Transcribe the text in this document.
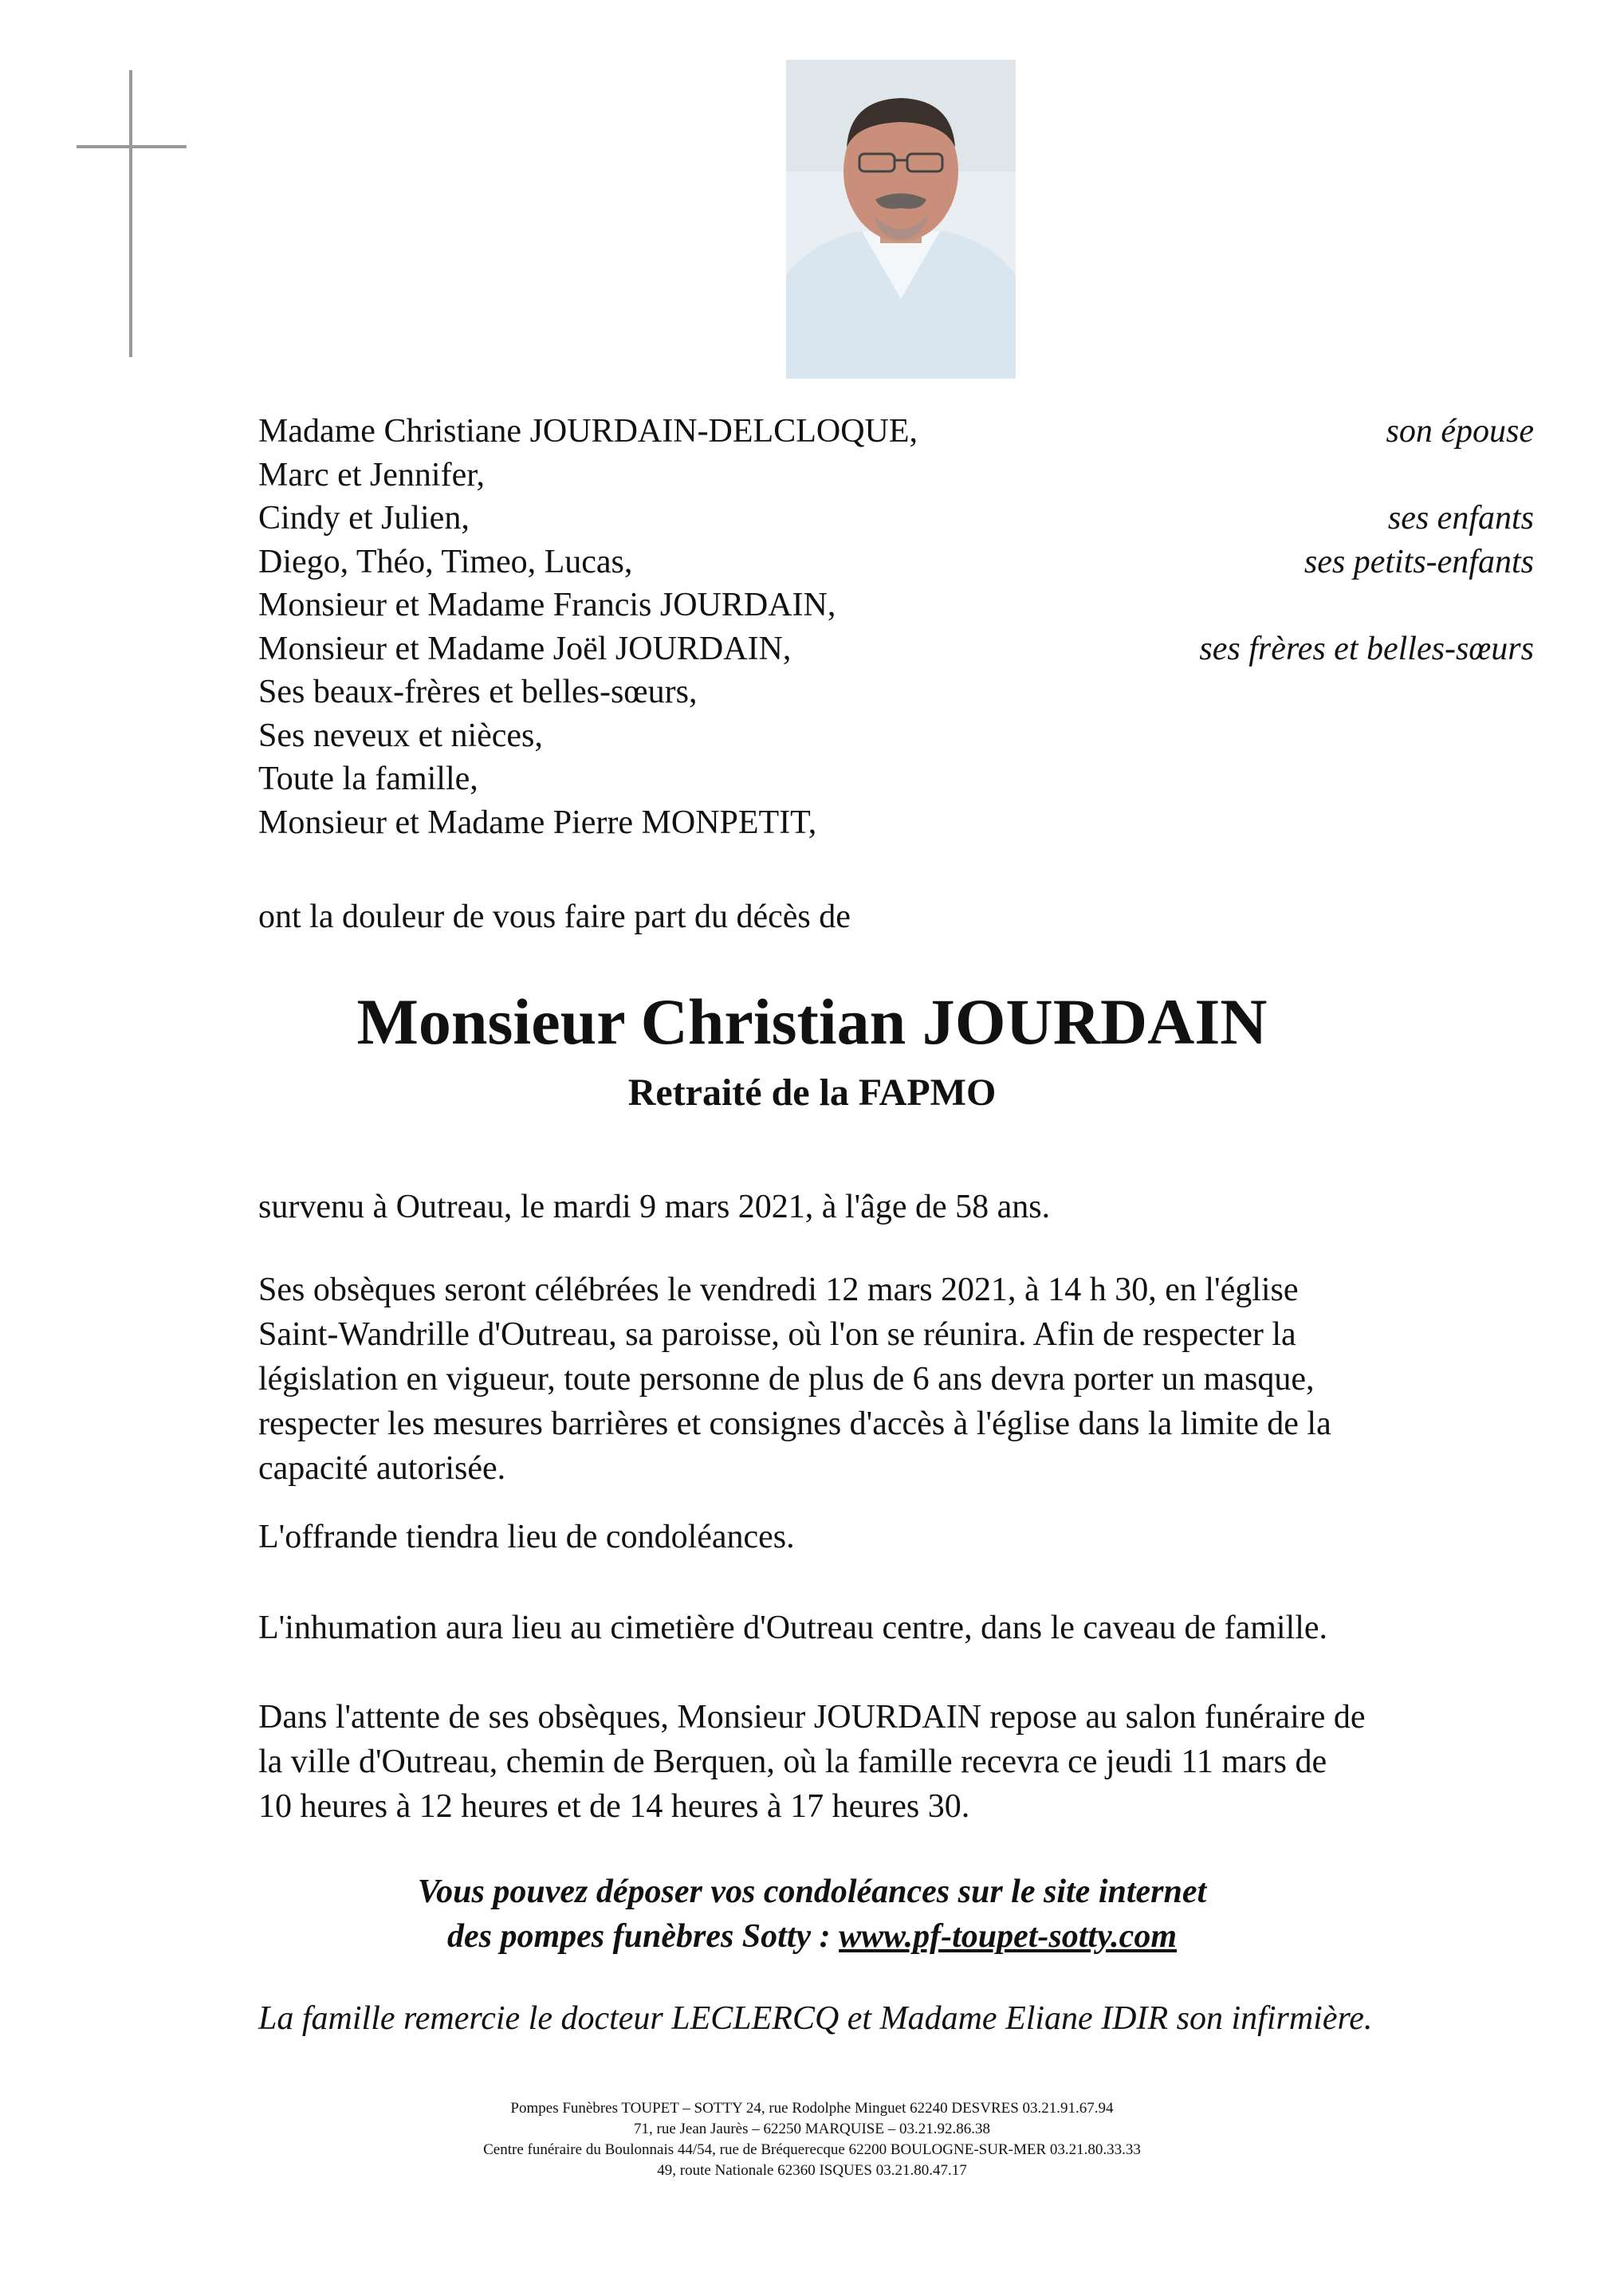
Madame Christiane JOURDAIN-DELCLOQUE,	son épouse
Marc et Jennifer,
Cindy et Julien,	ses enfants
Diego, Théo, Timeo, Lucas,	ses petits-enfants
Monsieur et Madame Francis JOURDAIN,
Monsieur et Madame Joël JOURDAIN,	ses frères et belles-sœurs
Ses beaux-frères et belles-sœurs,
Ses neveux et nièces,
Toute la famille,
Monsieur et Madame Pierre MONPETIT,
ont la douleur de vous faire part du décès de
Monsieur Christian JOURDAIN
Retraité de la FAPMO

survenu à Outreau, le mardi 9 mars 2021, à l'âge de 58 ans.

Ses obsèques seront célébrées le vendredi 12 mars 2021, à 14 h 30, en l'église

Saint-Wandrille d'Outreau, sa paroisse, où l'on se réunira. Afin de respecter la

législation en vigueur, toute personne de plus de 6 ans devra porter un masque,

respecter les mesures barrières et consignes d'accès à l'église dans la limite de la

capacité autorisée.

L'offrande tiendra lieu de condoléances.

L'inhumation aura lieu au cimetière d'Outreau centre, dans le caveau de famille.

Dans l'attente de ses obsèques, Monsieur JOURDAIN repose au salon funéraire de

la ville d'Outreau, chemin de Berquen, où la famille recevra ce jeudi 11 mars de

10 heures à 12 heures et de 14 heures à 17 heures 30.

Vous pouvez déposer vos condoléances sur le site internet

des pompes funèbres Sotty : www.pf-toupet-sotty.com

La famille remercie le docteur LECLERCQ et Madame Eliane IDIR son infirmière.

Pompes Funèbres TOUPET – SOTTY 24, rue Rodolphe Minguet 62240 DESVRES 03.21.91.67.94

71, rue Jean Jaurès – 62250 MARQUISE – 03.21.92.86.38

Centre funéraire du Boulonnais 44/54, rue de Bréquerecque 62200 BOULOGNE-SUR-MER 03.21.80.33.33

49, route Nationale 62360 ISQUES 03.21.80.47.17
